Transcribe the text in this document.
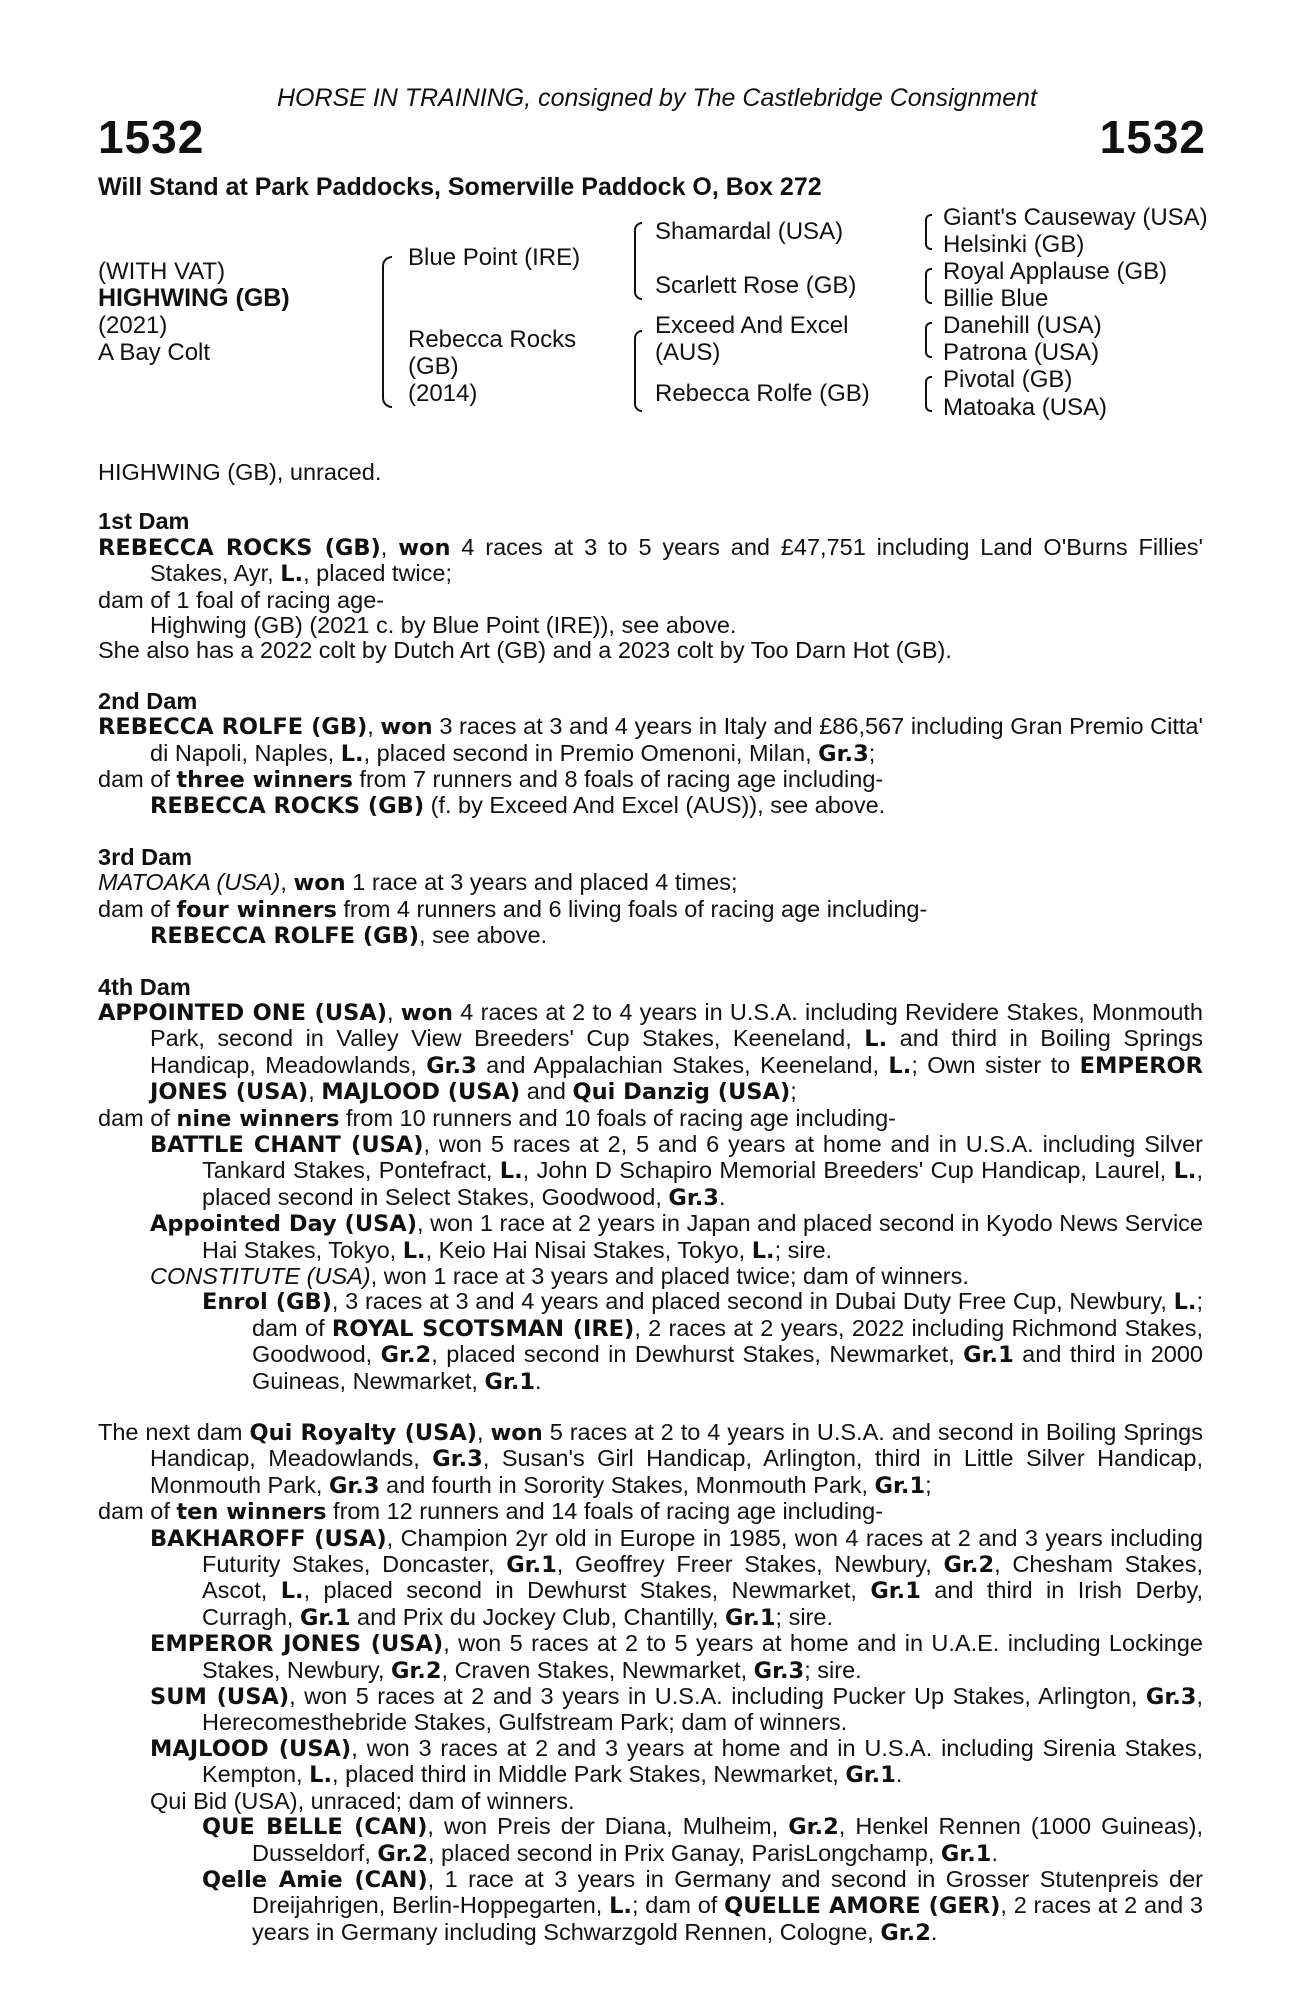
HORSE IN TRAINING, consigned by The Castlebridge Consignment
1532	1532
Will Stand at Park Paddocks, Somerville Paddock O, Box 272
(WITH VAT)
HIGHWING (GB)
(2021)
A Bay Colt
Blue Point (IRE)
Rebecca Rocks
(GB)
(2014)
Shamardal (USA)
Scarlett Rose (GB)
Exceed And Excel
(AUS)
Rebecca Rolfe (GB)
Giant's Causeway (USA)
Helsinki (GB)
Royal Applause (GB)
Billie Blue
Danehill (USA)
Patrona (USA)
Pivotal (GB)
Matoaka (USA)

HIGHWING (GB), unraced.

1st Dam

REBECCA ROCKS (GB), won 4 races at 3 to 5 years and £47,751 including Land O'Burns Fillies' Stakes, Ayr, L., placed twice;

dam of 1 foal of racing age-

Highwing (GB) (2021 c. by Blue Point (IRE)), see above.

She also has a 2022 colt by Dutch Art (GB) and a 2023 colt by Too Darn Hot (GB).

2nd Dam

REBECCA ROLFE (GB), won 3 races at 3 and 4 years in Italy and £86,567 including Gran Premio Citta' di Napoli, Naples, L., placed second in Premio Omenoni, Milan, Gr.3;

dam of three winners from 7 runners and 8 foals of racing age including-

REBECCA ROCKS (GB) (f. by Exceed And Excel (AUS)), see above.

3rd Dam

MATOAKA (USA), won 1 race at 3 years and placed 4 times;

dam of four winners from 4 runners and 6 living foals of racing age including-

REBECCA ROLFE (GB), see above.

4th Dam

APPOINTED ONE (USA), won 4 races at 2 to 4 years in U.S.A. including Revidere Stakes, Monmouth Park, second in Valley View Breeders' Cup Stakes, Keeneland, L. and third in Boiling Springs Handicap, Meadowlands, Gr.3 and Appalachian Stakes, Keeneland, L.; Own sister to EMPEROR JONES (USA), MAJLOOD (USA) and Qui Danzig (USA);

dam of nine winners from 10 runners and 10 foals of racing age including-

BATTLE CHANT (USA), won 5 races at 2, 5 and 6 years at home and in U.S.A. including Silver Tankard Stakes, Pontefract, L., John D Schapiro Memorial Breeders' Cup Handicap, Laurel, L., placed second in Select Stakes, Goodwood, Gr.3.

Appointed Day (USA), won 1 race at 2 years in Japan and placed second in Kyodo News Service Hai Stakes, Tokyo, L., Keio Hai Nisai Stakes, Tokyo, L.; sire.

CONSTITUTE (USA), won 1 race at 3 years and placed twice; dam of winners.

Enrol (GB), 3 races at 3 and 4 years and placed second in Dubai Duty Free Cup, Newbury, L.; dam of ROYAL SCOTSMAN (IRE), 2 races at 2 years, 2022 including Richmond Stakes, Goodwood, Gr.2, placed second in Dewhurst Stakes, Newmarket, Gr.1 and third in 2000 Guineas, Newmarket, Gr.1.

The next dam Qui Royalty (USA), won 5 races at 2 to 4 years in U.S.A. and second in Boiling Springs Handicap, Meadowlands, Gr.3, Susan's Girl Handicap, Arlington, third in Little Silver Handicap, Monmouth Park, Gr.3 and fourth in Sorority Stakes, Monmouth Park, Gr.1;

dam of ten winners from 12 runners and 14 foals of racing age including-

BAKHAROFF (USA), Champion 2yr old in Europe in 1985, won 4 races at 2 and 3 years including Futurity Stakes, Doncaster, Gr.1, Geoffrey Freer Stakes, Newbury, Gr.2, Chesham Stakes, Ascot, L., placed second in Dewhurst Stakes, Newmarket, Gr.1 and third in Irish Derby, Curragh, Gr.1 and Prix du Jockey Club, Chantilly, Gr.1; sire.

EMPEROR JONES (USA), won 5 races at 2 to 5 years at home and in U.A.E. including Lockinge Stakes, Newbury, Gr.2, Craven Stakes, Newmarket, Gr.3; sire.

SUM (USA), won 5 races at 2 and 3 years in U.S.A. including Pucker Up Stakes, Arlington, Gr.3, Herecomesthebride Stakes, Gulfstream Park; dam of winners.

MAJLOOD (USA), won 3 races at 2 and 3 years at home and in U.S.A. including Sirenia Stakes, Kempton, L., placed third in Middle Park Stakes, Newmarket, Gr.1.

Qui Bid (USA), unraced; dam of winners.

QUE BELLE (CAN), won Preis der Diana, Mulheim, Gr.2, Henkel Rennen (1000 Guineas), Dusseldorf, Gr.2, placed second in Prix Ganay, ParisLongchamp, Gr.1.

Qelle Amie (CAN), 1 race at 3 years in Germany and second in Grosser Stutenpreis der Dreijahrigen, Berlin-Hoppegarten, L.; dam of QUELLE AMORE (GER), 2 races at 2 and 3 years in Germany including Schwarzgold Rennen, Cologne, Gr.2.
